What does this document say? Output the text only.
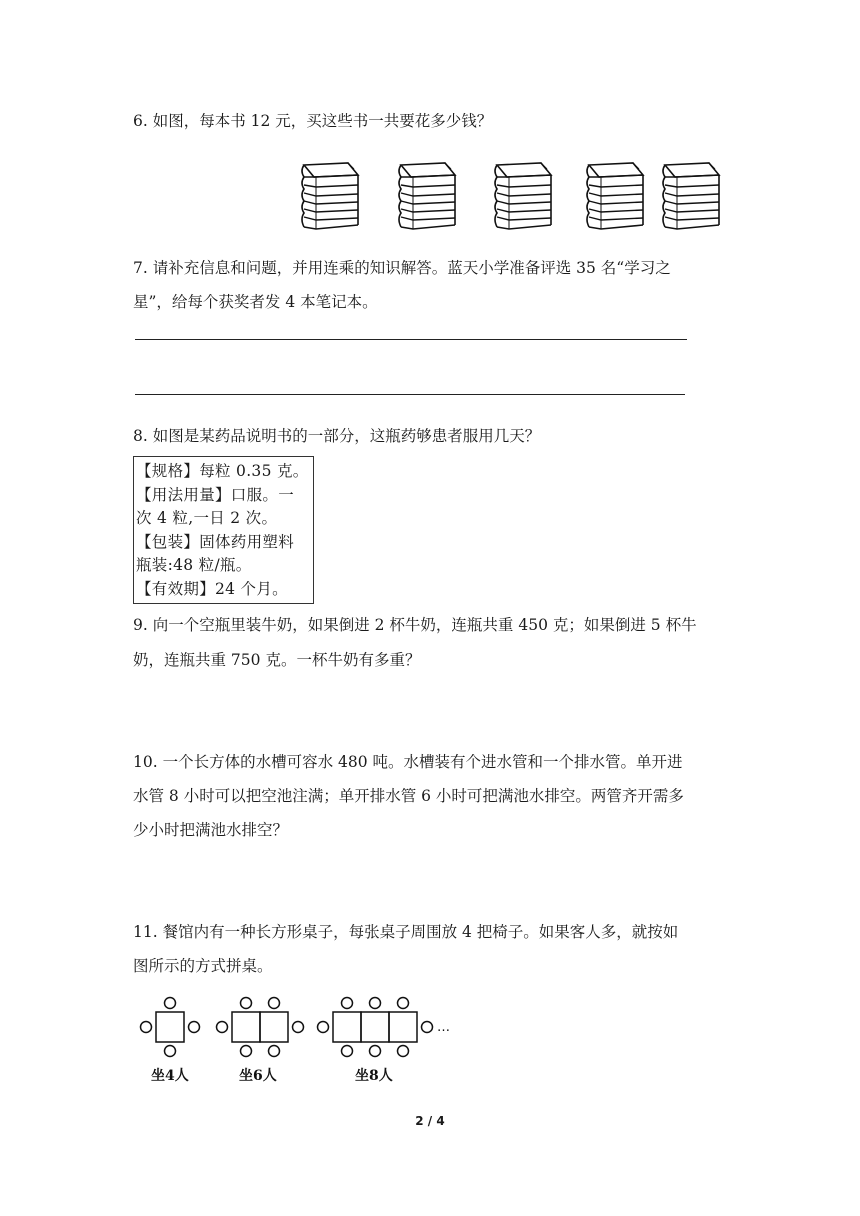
6. 如图，每本书 12 元，买这些书一共要花多少钱？
7. 请补充信息和问题，并用连乘的知识解答。蓝天小学准备评选 35 名“学习之
星”，给每个获奖者发 4 本笔记本。
8. 如图是某药品说明书的一部分，这瓶药够患者服用几天？
【规格】每粒 0.35 克。
【用法用量】口服。一
次 4 粒,一日 2 次。
【包装】固体药用塑料
瓶装:48 粒/瓶。
【有效期】24 个月。
9. 向一个空瓶里装牛奶，如果倒进 2 杯牛奶，连瓶共重 450 克；如果倒进 5 杯牛
奶，连瓶共重 750 克。一杯牛奶有多重？
10. 一个长方体的水槽可容水 480 吨。水槽装有个进水管和一个排水管。单开进
水管 8 小时可以把空池注满；单开排水管 6 小时可把满池水排空。两管齐开需多
少小时把满池水排空？
11. 餐馆内有一种长方形桌子，每张桌子周围放 4 把椅子。如果客人多，就按如
图所示的方式拼桌。
…
坐4人	坐6人	坐8人
2 / 4
